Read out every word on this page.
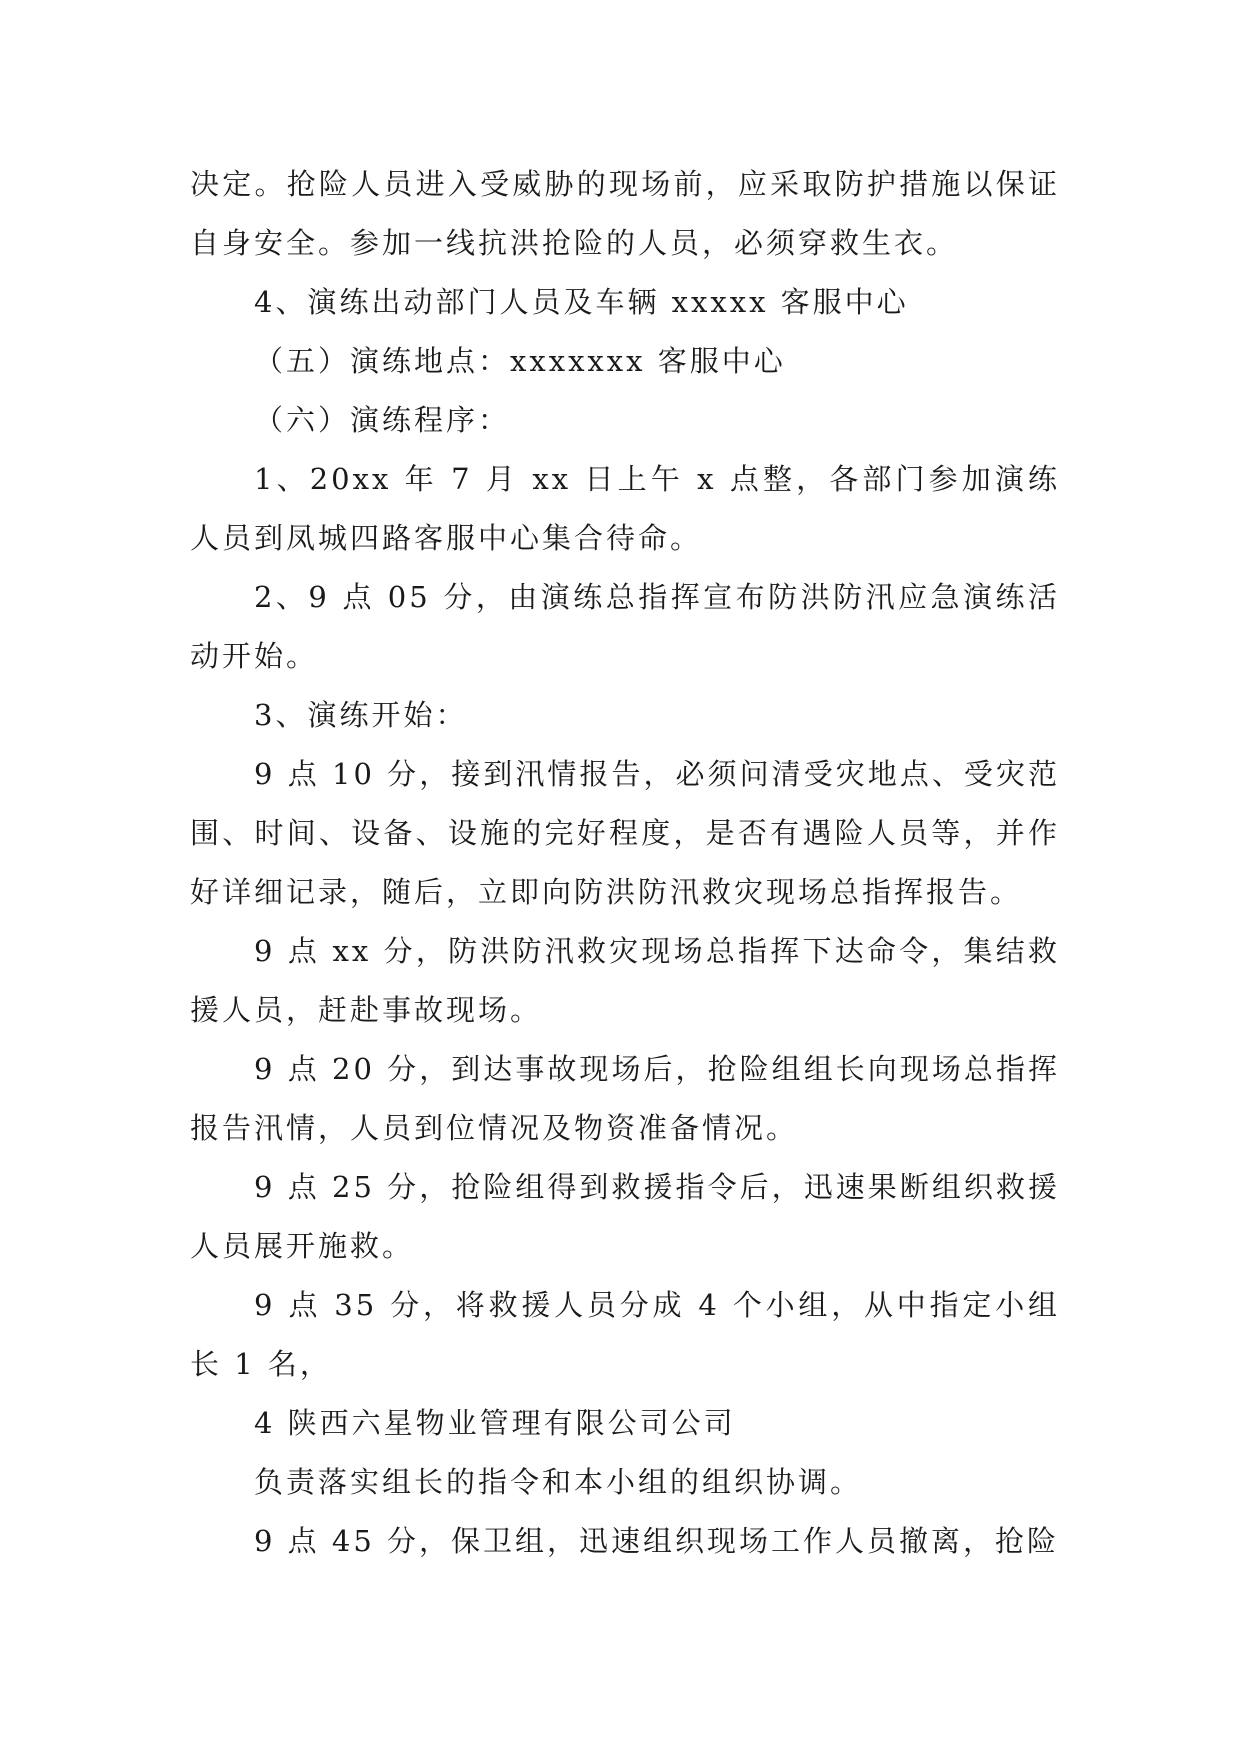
决定。抢险人员进入受威胁的现场前，应采取防护措施以保证自身安全。参加一线抗洪抢险的人员，必须穿救生衣。

4、演练出动部门人员及车辆 xxxxx 客服中心

（五）演练地点：xxxxxxx 客服中心

（六）演练程序：

1、20xx 年 7 月 xx 日上午 x 点整，各部门参加演练人员到凤城四路客服中心集合待命。

2、9 点 05 分，由演练总指挥宣布防洪防汛应急演练活动开始。

3、演练开始：

9 点 10 分，接到汛情报告，必须问清受灾地点、受灾范围、时间、设备、设施的完好程度，是否有遇险人员等，并作好详细记录，随后，立即向防洪防汛救灾现场总指挥报告。

9 点 xx 分，防洪防汛救灾现场总指挥下达命令，集结救援人员，赶赴事故现场。

9 点 20 分，到达事故现场后，抢险组组长向现场总指挥报告汛情，人员到位情况及物资准备情况。

9 点 25 分，抢险组得到救援指令后，迅速果断组织救援人员展开施救。

9 点 35 分，将救援人员分成 4 个小组，从中指定小组长 1 名，

4 陕西六星物业管理有限公司公司

负责落实组长的指令和本小组的组织协调。

9 点 45 分，保卫组，迅速组织现场工作人员撤离，抢险
